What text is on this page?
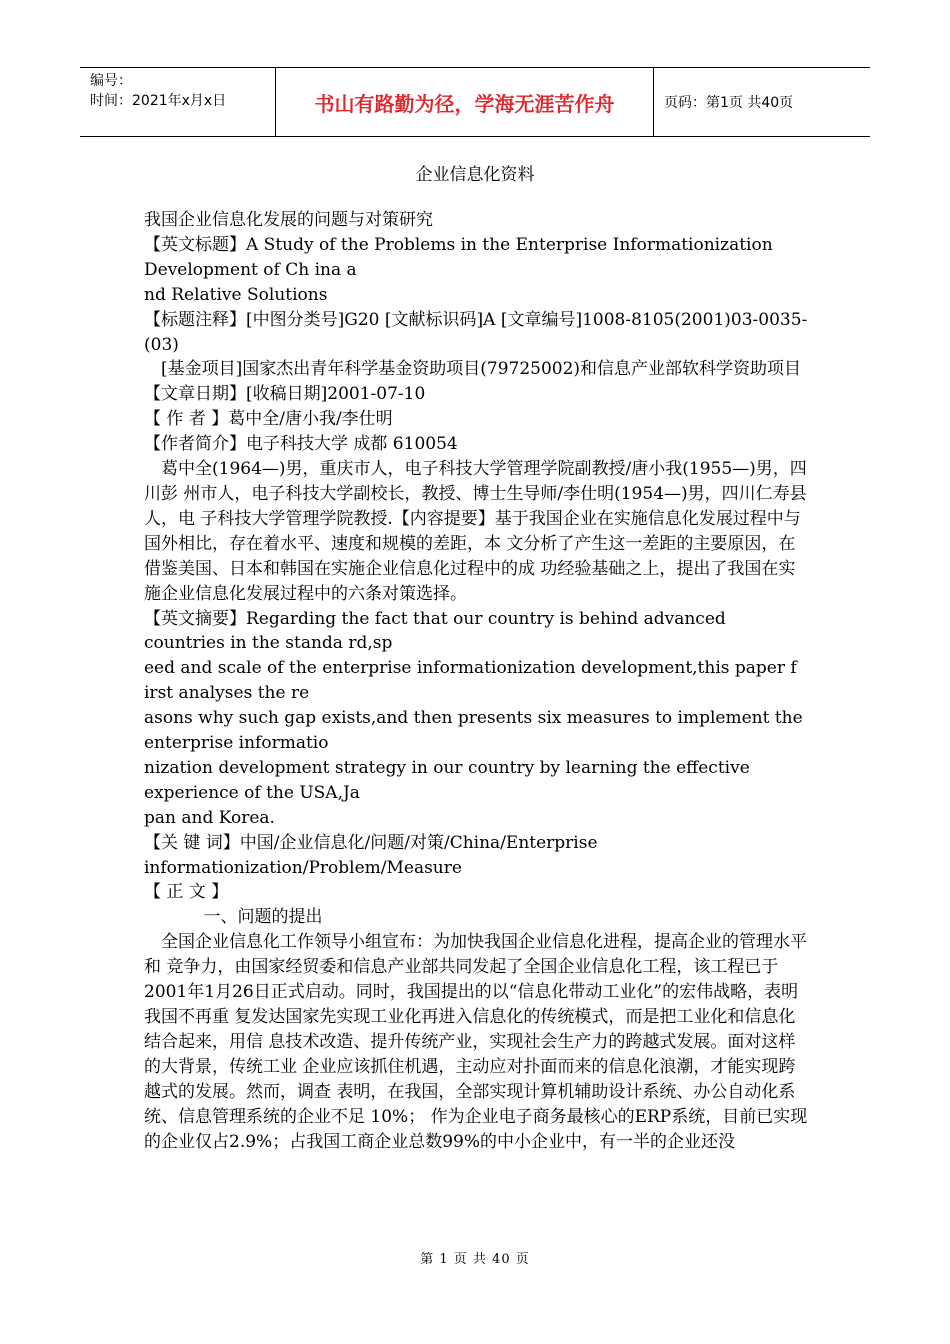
编号：
时间：2021年x月x日	书山有路勤为径，学海无涯苦作舟	页码：第1页 共40页
企业信息化资料

我国企业信息化发展的问题与对策研究

【英文标题】A Study of the Problems in the Enterprise Informationization Development of Ch ina a

nd Relative Solutions

【标题注释】[中图分类号]G20 [文献标识码]A [文章编号]1008-8105(2001)03-0035-(03)

[基金项目]国家杰出青年科学基金资助项目(79725002)和信息产业部软科学资助项目

【文章日期】[收稿日期]2001-07-10

【 作 者 】葛中全/唐小我/李仕明

【作者简介】电子科技大学 成都 610054

葛中全(1964—)男，重庆市人，电子科技大学管理学院副教授/唐小我(1955—)男，四川彭 州市人，电子科技大学副校长，教授、博士生导师/李仕明(1954—)男，四川仁寿县人，电 子科技大学管理学院教授.【内容提要】基于我国企业在实施信息化发展过程中与国外相比，存在着水平、速度和规模的差距，本 文分析了产生这一差距的主要原因，在借鉴美国、日本和韩国在实施企业信息化过程中的成 功经验基础之上，提出了我国在实施企业信息化发展过程中的六条对策选择。

【英文摘要】Regarding the fact that our country is behind advanced countries in the standa rd,sp

eed and scale of the enterprise informationization development,this paper f irst analyses the re

asons why such gap exists,and then presents six measures to implement the enterprise informatio

nization development strategy in our country by learning the effective experience of the USA,Ja

pan and Korea.

【关 键 词】中国/企业信息化/问题/对策/China/Enterprise informationization/Problem/Measure

【 正 文 】

一、问题的提出

全国企业信息化工作领导小组宣布：为加快我国企业信息化进程，提高企业的管理水平和 竞争力，由国家经贸委和信息产业部共同发起了全国企业信息化工程，该工程已于2001年1月26日正式启动。同时，我国提出的以“信息化带动工业化”的宏伟战略，表明我国不再重 复发达国家先实现工业化再进入信息化的传统模式，而是把工业化和信息化结合起来，用信 息技术改造、提升传统产业，实现社会生产力的跨越式发展。面对这样的大背景，传统工业 企业应该抓住机遇，主动应对扑面而来的信息化浪潮，才能实现跨越式的发展。然而，调查 表明，在我国，全部实现计算机辅助设计系统、办公自动化系统、信息管理系统的企业不足 10%； 作为企业电子商务最核心的ERP系统，目前已实现的企业仅占2.9%；占我国工商企业总数99%的中小企业中，有一半的企业还没

第 1 页 共 40 页
